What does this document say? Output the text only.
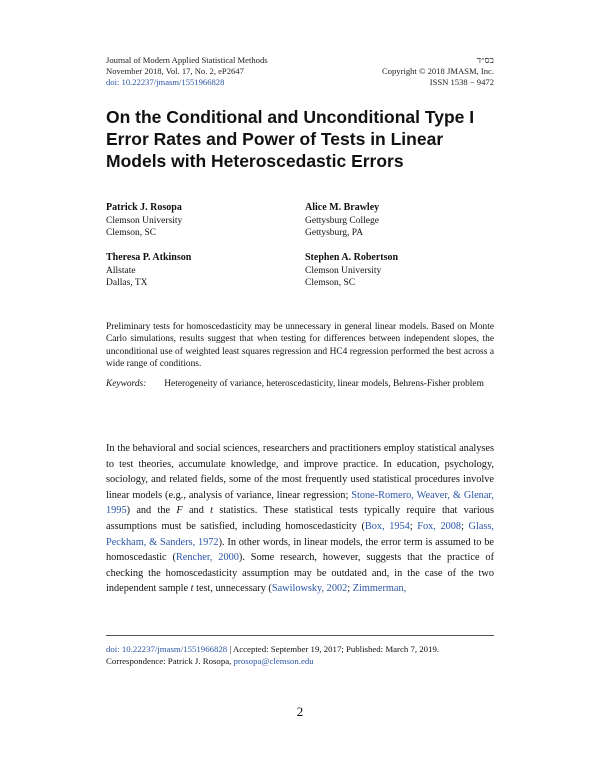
Journal of Modern Applied Statistical Methods
November 2018, Vol. 17, No. 2, eP2647
doi: 10.22237/jmasm/1551966828
בס״ד
Copyright © 2018 JMASM, Inc.
ISSN 1538 − 9472
On the Conditional and Unconditional Type I Error Rates and Power of Tests in Linear Models with Heteroscedastic Errors
Patrick J. Rosopa
Clemson University
Clemson, SC
Alice M. Brawley
Gettysburg College
Gettysburg, PA
Theresa P. Atkinson
Allstate
Dallas, TX
Stephen A. Robertson
Clemson University
Clemson, SC

Preliminary tests for homoscedasticity may be unnecessary in general linear models. Based on Monte Carlo simulations, results suggest that when testing for differences between independent slopes, the unconditional use of weighted least squares regression and HC4 regression performed the best across a wide range of conditions.

Keywords: Heterogeneity of variance, heteroscedasticity, linear models, Behrens-Fisher problem

In the behavioral and social sciences, researchers and practitioners employ statistical analyses to test theories, accumulate knowledge, and improve practice. In education, psychology, sociology, and related fields, some of the most frequently used statistical procedures involve linear models (e.g., analysis of variance, linear regression; Stone-Romero, Weaver, & Glenar, 1995) and the F and t statistics. These statistical tests typically require that various assumptions must be satisfied, including homoscedasticity (Box, 1954; Fox, 2008; Glass, Peckham, & Sanders, 1972). In other words, in linear models, the error term is assumed to be homoscedastic (Rencher, 2000). Some research, however, suggests that the practice of checking the homoscedasticity assumption may be outdated and, in the case of the two independent sample t test, unnecessary (Sawilowsky, 2002; Zimmerman,

doi: 10.22237/jmasm/1551966828 | Accepted: September 19, 2017; Published: March 7, 2019.
Correspondence: Patrick J. Rosopa, prosopa@clemson.edu
2
